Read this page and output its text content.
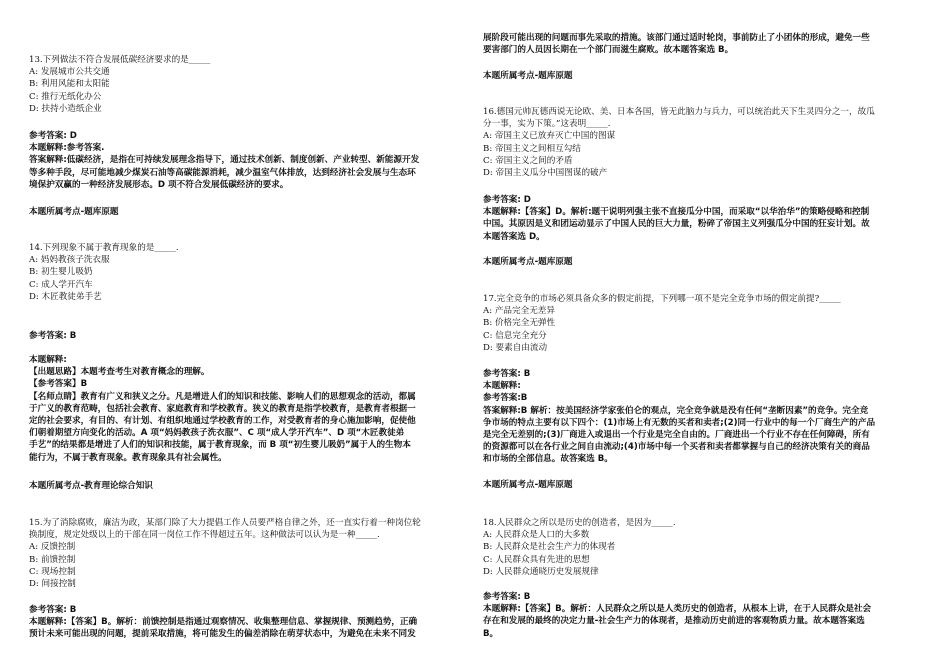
13.下列做法不符合发展低碳经济要求的是_____
A: 发展城市公共交通
B: 利用风能和太阳能
C: 推行无纸化办公
D: 扶持小造纸企业
参考答案: D
本题解释:参考答案.
答案解释:低碳经济，是指在可持续发展理念指导下，通过技术创新、制度创新、产业转型、新能源开发
等多种手段，尽可能地减少煤炭石油等高碳能源消耗，减少温室气体排放，达到经济社会发展与生态环
境保护双赢的一种经济发展形态。D 项不符合发展低碳经济的要求。
本题所属考点-题库原题
14.下列现象不属于教育现象的是_____.
A: 妈妈教孩子洗衣服
B: 初生婴儿吸奶
C: 成人学开汽车
D: 木匠教徒弟手艺
参考答案: B
本题解释:
【出题思路】本题考查考生对教育概念的理解。
【参考答案】B
【名师点睛】教育有广义和狭义之分。凡是增进人们的知识和技能、影响人们的思想观念的活动，都属
于广义的教育范畴，包括社会教育、家庭教育和学校教育。狭义的教育是指学校教育，是教育者根据一
定的社会要求，有目的、有计划、有组织地通过学校教育的工作，对受教育者的身心施加影响，促使他
们朝着期望方向变化的活动。A 项“妈妈教孩子洗衣服”、C 项“成人学开汽车”、D 项“木匠教徒弟
手艺”的结果都是增进了人们的知识和技能，属于教育现象，而 B 项“初生婴儿吸奶”属于人的生物本
能行为，不属于教育现象。教育现象具有社会属性。
本题所属考点-教育理论综合知识
15.为了消除腐败，廉洁为政，某部门除了大力提倡工作人员要严格自律之外，还一直实行着一种岗位轮
换制度，规定处级以上的干部在同一岗位工作不得超过五年。这种做法可以认为是一种_____.
A: 反馈控制
B: 前馈控制
C: 现场控制
D: 间接控制
参考答案: B
本题解释:【答案】B。解析：前馈控制是指通过观察情况、收集整理信息、掌握规律、预测趋势，正确
预计未来可能出现的问题，提前采取措施，将可能发生的偏差消除在萌芽状态中，为避免在未来不同发
展阶段可能出现的问题而事先采取的措施。该部门通过适时轮岗，事前防止了小团体的形成，避免一些
要害部门的人员因长期在一个部门而滋生腐败。故本题答案选 B。
本题所属考点-题库原题
16.德国元帅瓦德西说无论欧、美、日本各国，皆无此脑力与兵力，可以统治此天下生灵四分之一，故瓜
分一事，实为下策。”这表明_____.
A: 帝国主义已放弃灭亡中国的图谋
B: 帝国主义之间相互勾结
C: 帝国主义之间的矛盾
D: 帝国主义瓜分中国图谋的破产
参考答案: D
本题解释:【答案】D。解析:题干说明列强主张不直接瓜分中国，而采取“以华治华”的策略侵略和控制
中国。其原因是义和团运动显示了中国人民的巨大力量，粉碎了帝国主义列强瓜分中国的狂妄计划。故
本题答案选 D。
本题所属考点-题库原题
17.完全竞争的市场必须具备众多的假定前提，下列哪一项不是完全竞争市场的假定前提?_____
A: 产品完全无差异
B: 价格完全无弹性
C: 信息完全充分
D: 要素自由流动
参考答案: B
本题解释:
参考答案:B
答案解释:B 解析：按美国经济学家张伯仑的观点，完全竞争就是没有任何“垄断因素”的竞争。完全竞
争市场的特点主要有以下四个：(1)市场上有无数的买者和卖者;(2)同一行业中的每一个厂商生产的产品
是完全无差别的;(3)厂商进入或退出一个行业是完全自由的。厂商进出一个行业不存在任何障碍，所有
的资源都可以在各行业之间自由流动;(4)市场中每一个买者和卖者都掌握与自己的经济决策有关的商品
和市场的全部信息。故答案选 B。
本题所属考点-题库原题
18.人民群众之所以是历史的创造者，是因为_____.
A: 人民群众是人口的大多数
B: 人民群众是社会生产力的体现者
C: 人民群众具有先进的思想
D: 人民群众通晓历史发展规律
参考答案: B
本题解释:【答案】B。解析：人民群众之所以是人类历史的创造者，从根本上讲，在于人民群众是社会
存在和发展的最终的决定力量-社会生产力的体现者，是推动历史前进的客观物质力量。故本题答案选
B。
